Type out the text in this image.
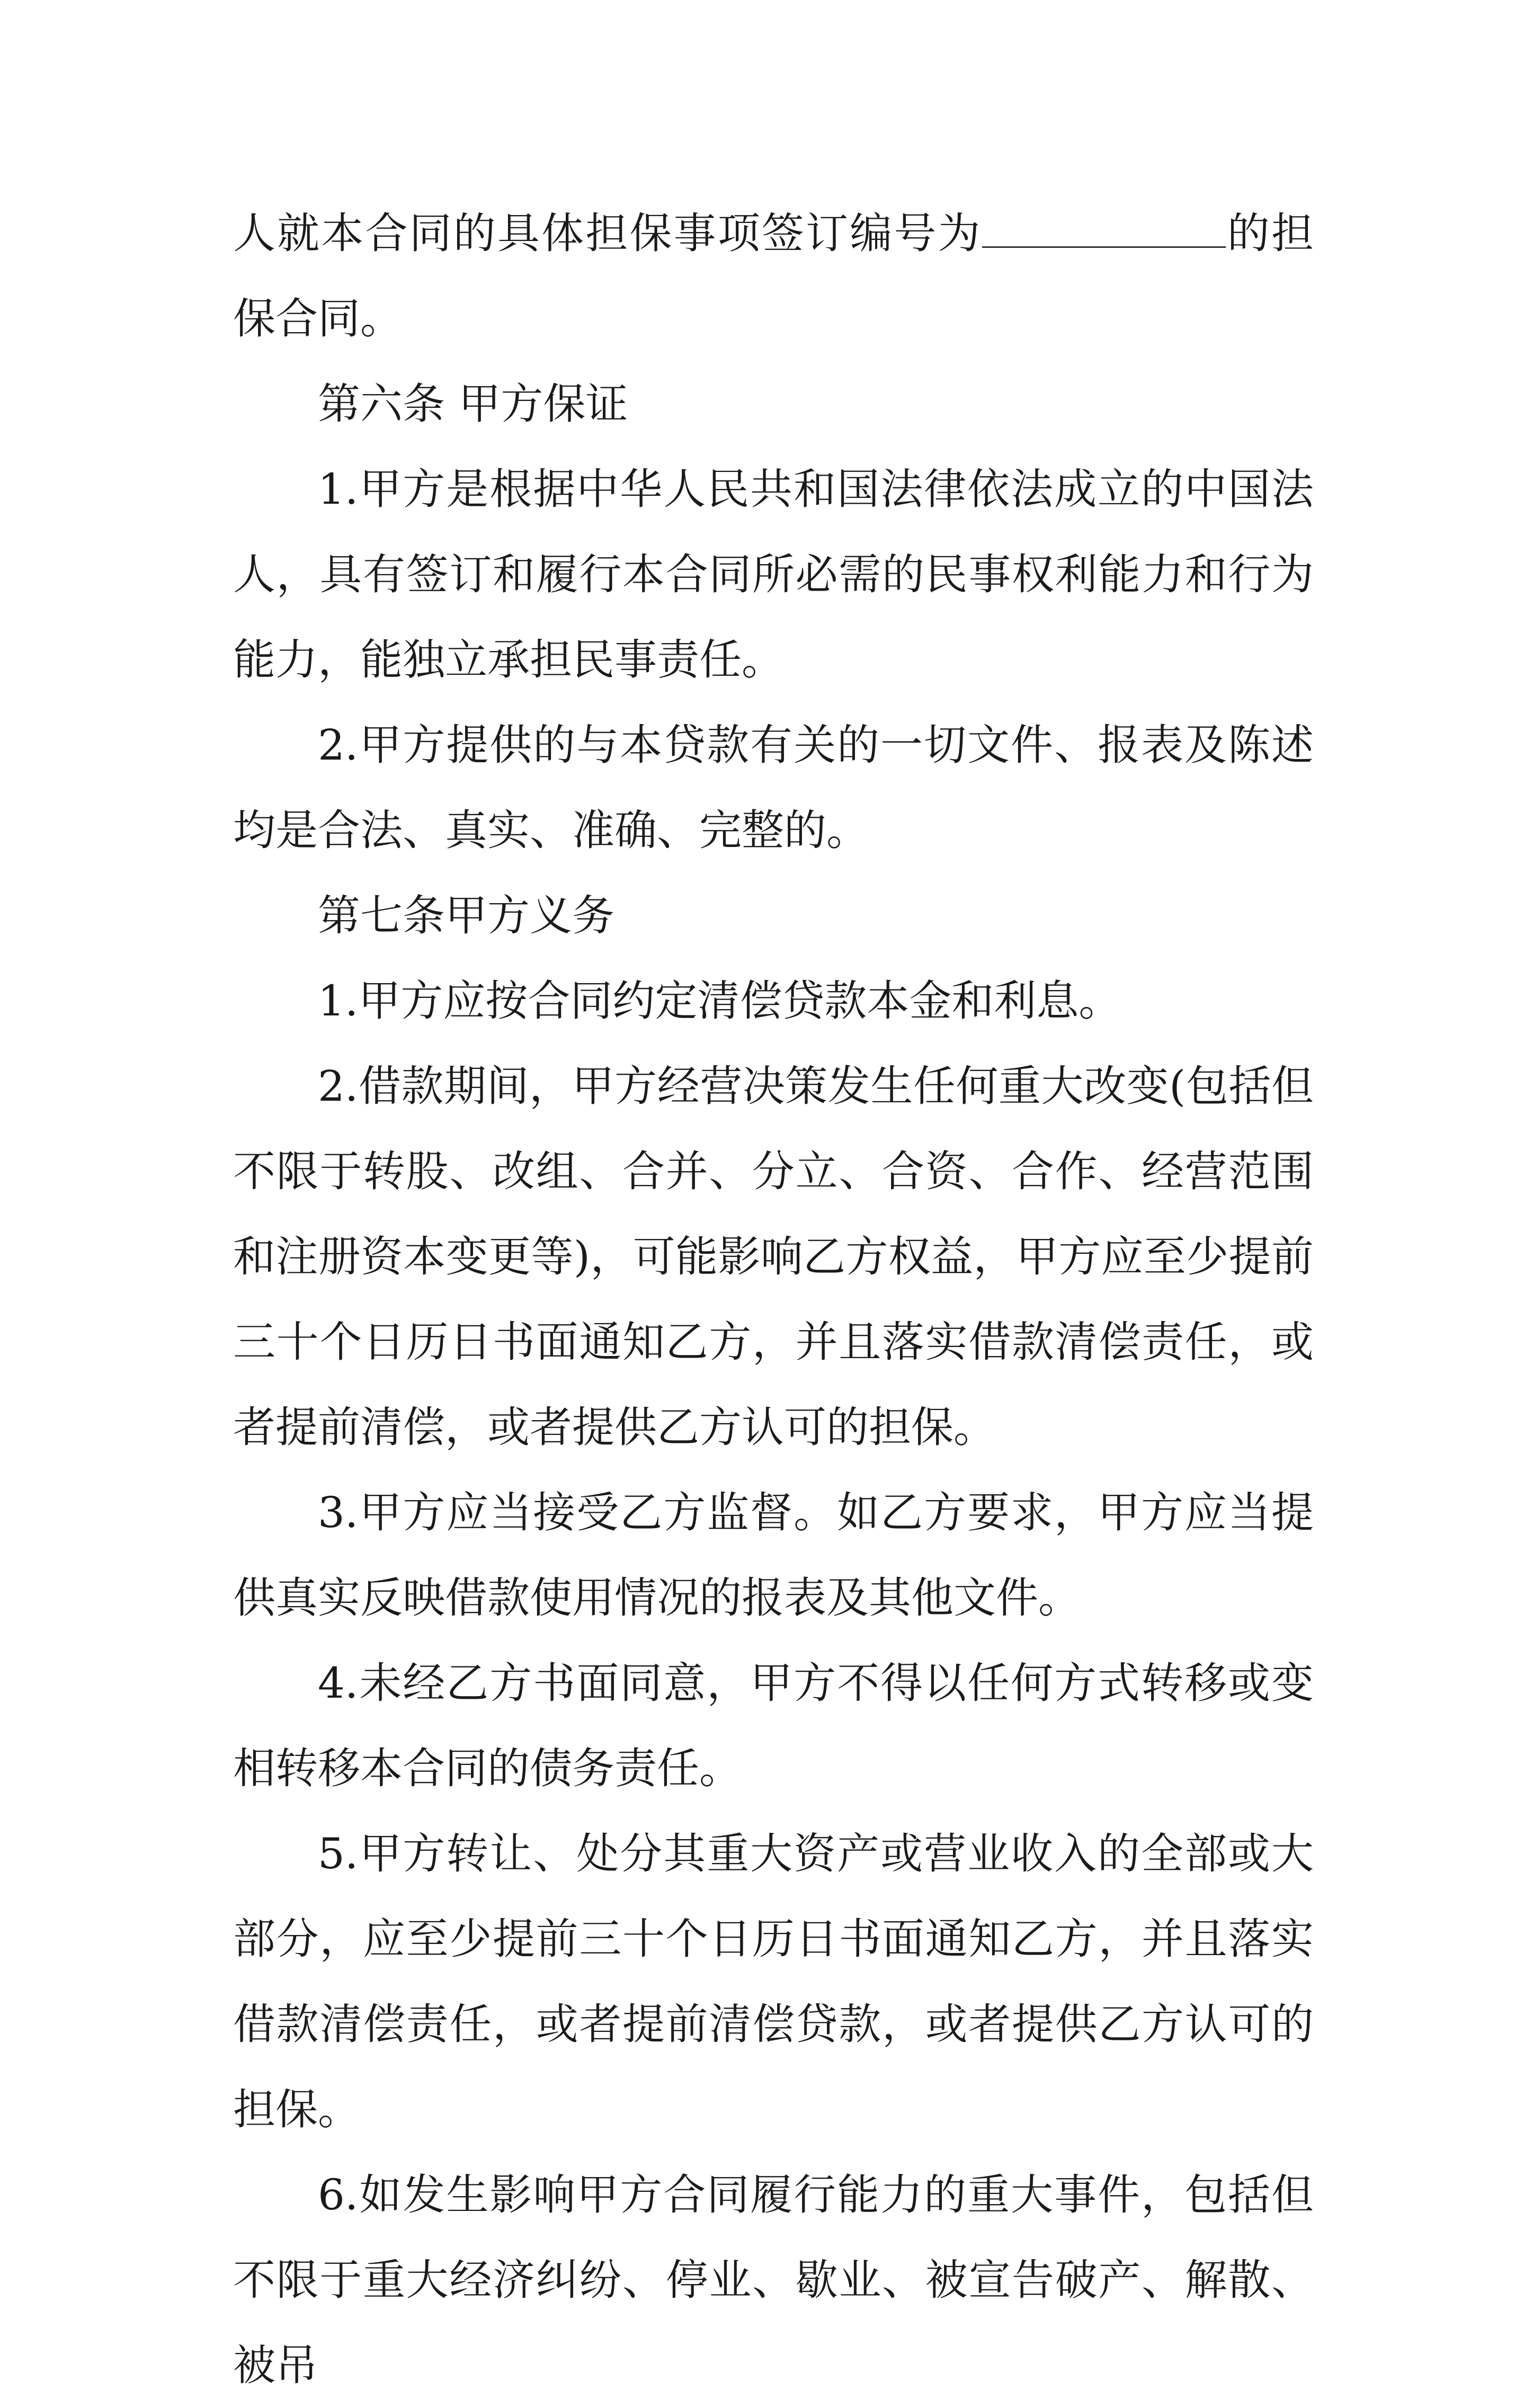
人就本合同的具体担保事项签订编号为	的担保合同。

第六条 甲方保证

1.甲方是根据中华人民共和国法律依法成立的中国法人，具有签订和履行本合同所必需的民事权利能力和行为能力，能独立承担民事责任。

2.甲方提供的与本贷款有关的一切文件、报表及陈述均是合法、真实、准确、完整的。

第七条甲方义务

1.甲方应按合同约定清偿贷款本金和利息。

2.借款期间，甲方经营决策发生任何重大改变(包括但不限于转股、改组、合并、分立、合资、合作、经营范围和注册资本变更等)，可能影响乙方权益，甲方应至少提前三十个日历日书面通知乙方，并且落实借款清偿责任，或者提前清偿，或者提供乙方认可的担保。

3.甲方应当接受乙方监督。如乙方要求，甲方应当提供真实反映借款使用情况的报表及其他文件。

4.未经乙方书面同意，甲方不得以任何方式转移或变相转移本合同的债务责任。

5.甲方转让、处分其重大资产或营业收入的全部或大部分，应至少提前三十个日历日书面通知乙方，并且落实借款清偿责任，或者提前清偿贷款，或者提供乙方认可的担保。

6.如发生影响甲方合同履行能力的重大事件，包括但不限于重大经济纠纷、停业、歇业、被宣告破产、解散、被吊
